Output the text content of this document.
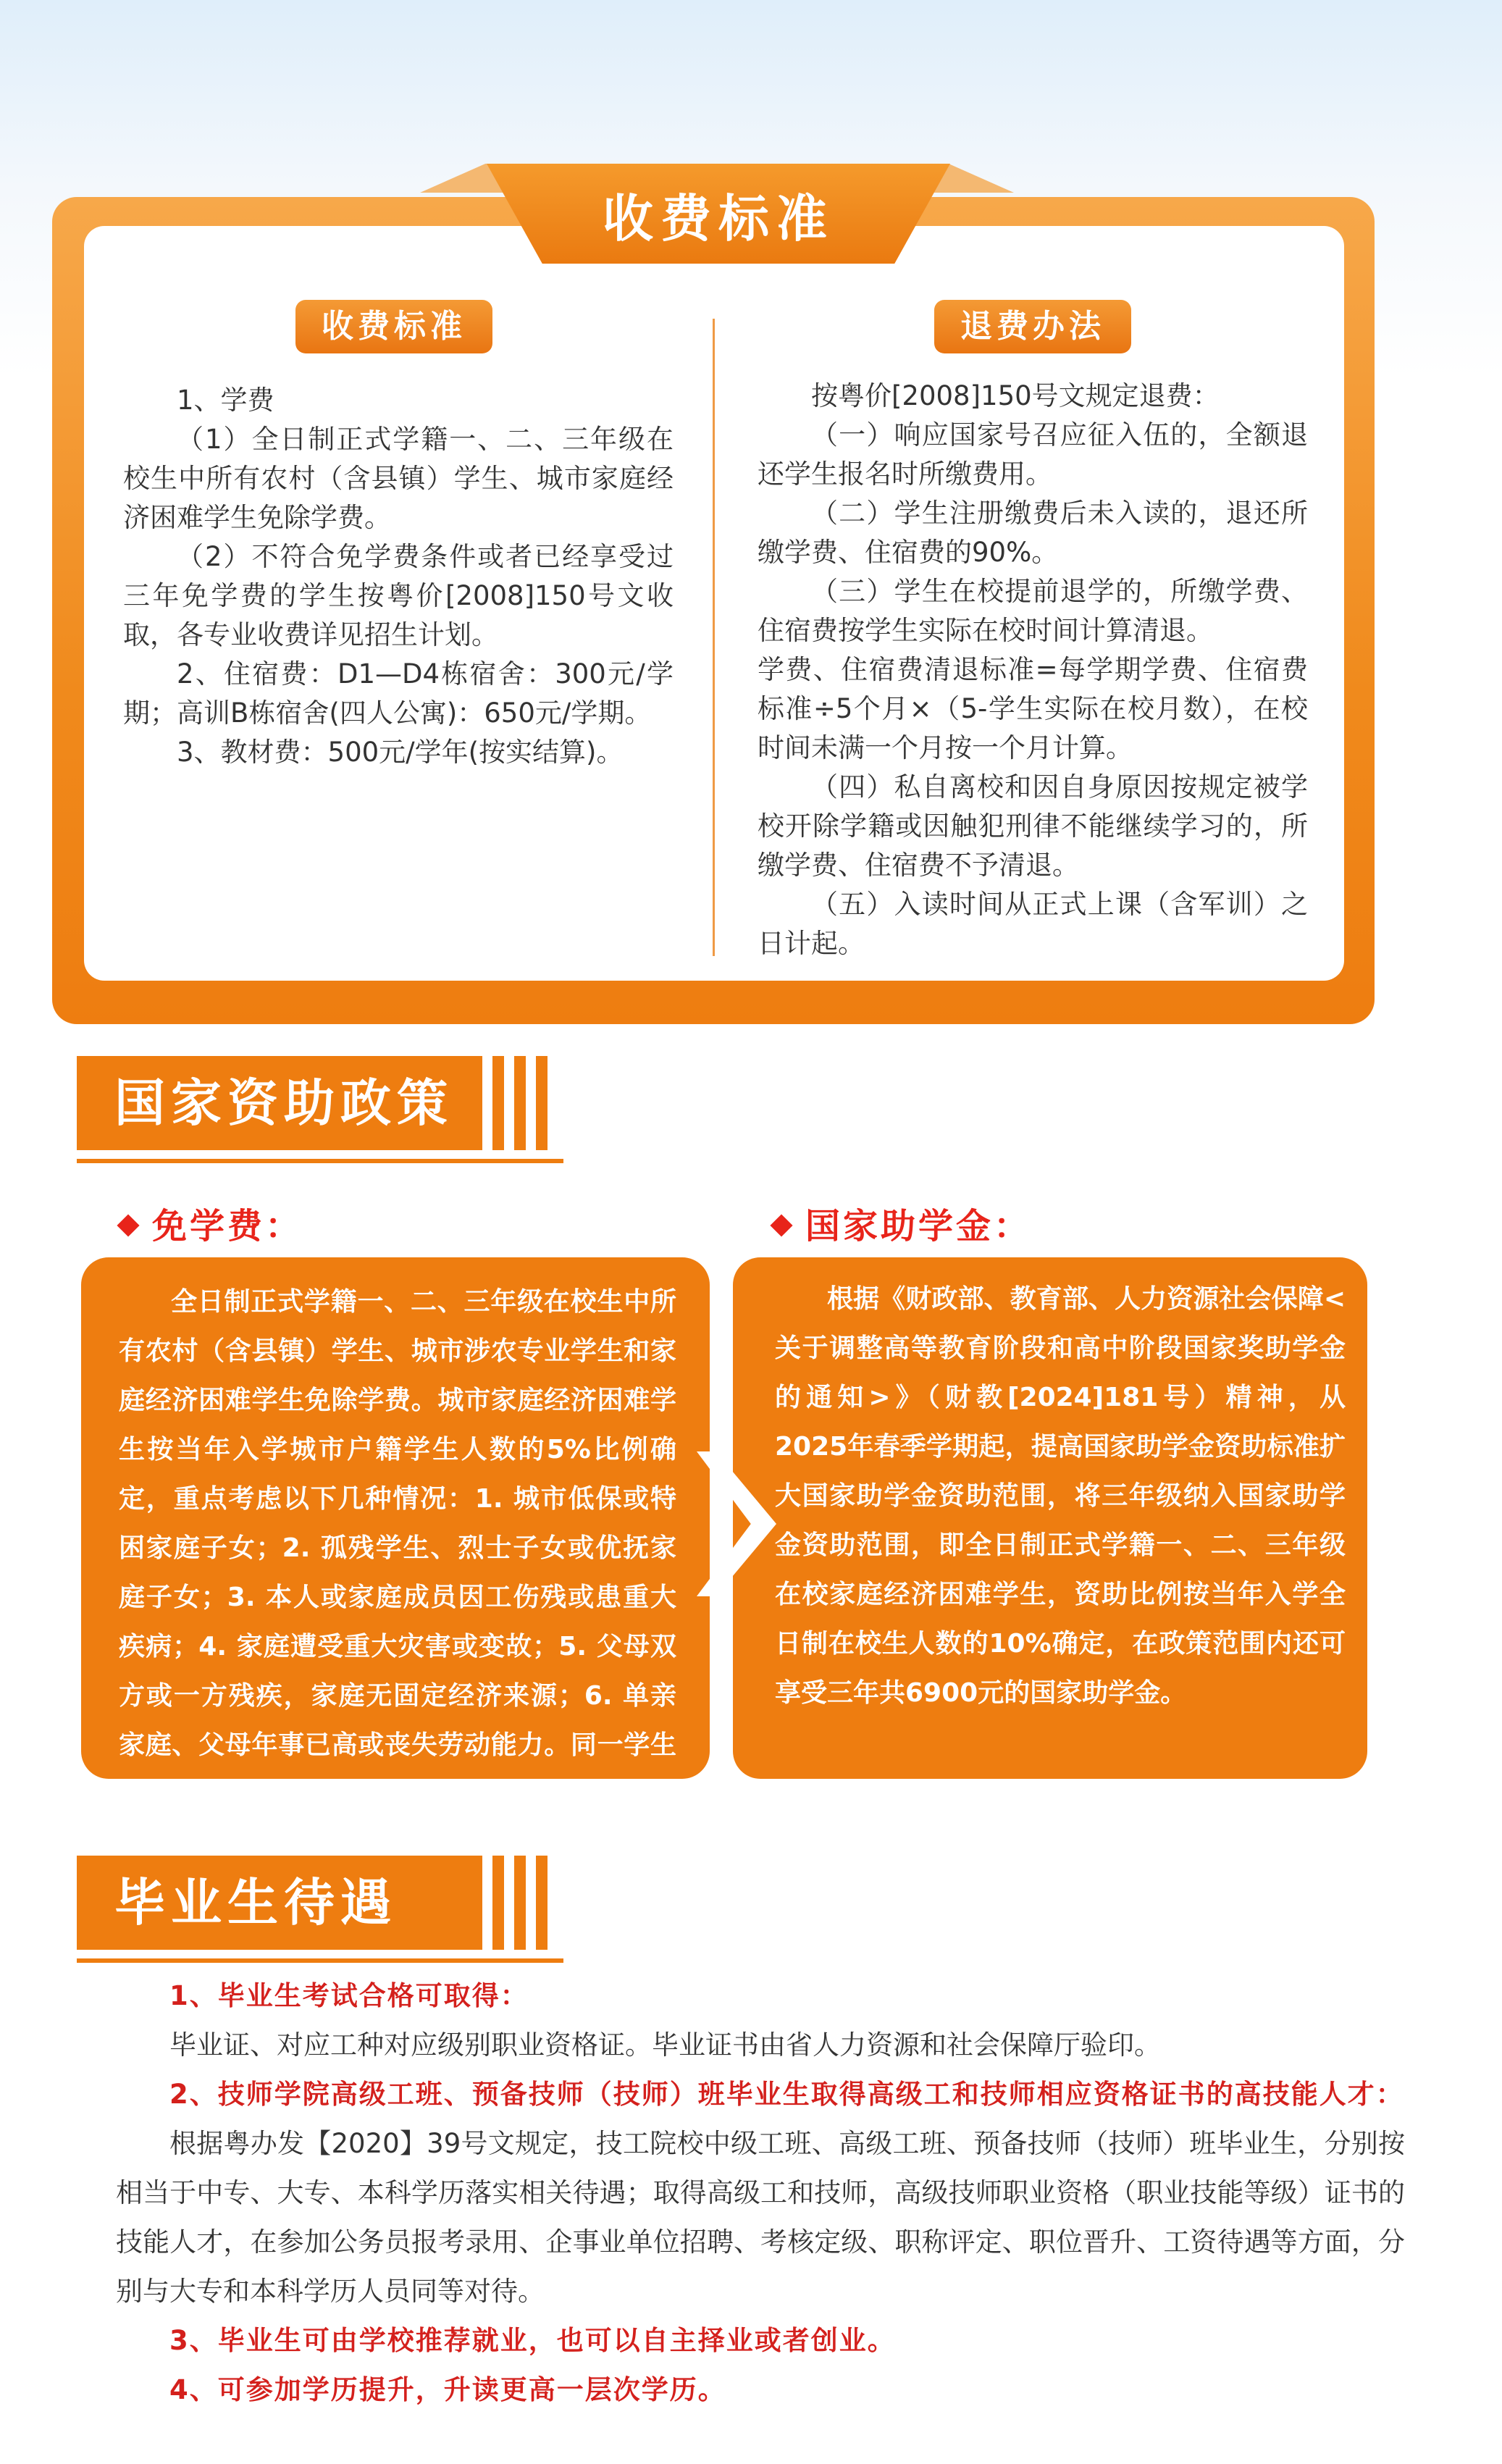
收费标准
收费标准	退费办法

1、学费

（1）全日制正式学籍一、二、三年级在校生中所有农村（含县镇）学生、城市家庭经济困难学生免除学费。

（2）不符合免学费条件或者已经享受过三年免学费的学生按粤价[2008]150号文收取，各专业收费详见招生计划。

2、住宿费：D1—D4栋宿舍：300元/学期；高训B栋宿舍(四人公寓)：650元/学期。

3、教材费：500元/学年(按实结算)。

按粤价[2008]150号文规定退费：

（一）响应国家号召应征入伍的，全额退还学生报名时所缴费用。

（二）学生注册缴费后未入读的，退还所缴学费、住宿费的90%。

（三）学生在校提前退学的，所缴学费、住宿费按学生实际在校时间计算清退。

学费、住宿费清退标准=每学期学费、住宿费标准÷5个月×（5-学生实际在校月数），在校时间未满一个月按一个月计算。

（四）私自离校和因自身原因按规定被学校开除学籍或因触犯刑律不能继续学习的，所缴学费、住宿费不予清退。

（五）入读时间从正式上课（含军训）之日计起。

国家资助政策
免学费：	国家助学金：

全日制正式学籍一、二、三年级在校生中所有农村（含县镇）学生、城市涉农专业学生和家庭经济困难学生免除学费。城市家庭经济困难学生按当年入学城市户籍学生人数的5%比例确定，重点考虑以下几种情况：1. 城市低保或特困家庭子女；2. 孤残学生、烈士子女或优抚家庭子女；3. 本人或家庭成员因工伤残或患重大疾病；4. 家庭遭受重大灾害或变故；5. 父母双方或一方残疾，家庭无固定经济来源；6. 单亲家庭、父母年事已高或丧失劳动能力。同一学生累计资助免学费不得超过三年。

根据《财政部、教育部、人力资源社会保障<关于调整高等教育阶段和高中阶段国家奖助学金的通知>》（财教[2024]181号）精神，从2025年春季学期起，提高国家助学金资助标准扩大国家助学金资助范围，将三年级纳入国家助学金资助范围，即全日制正式学籍一、二、三年级在校家庭经济困难学生，资助比例按当年入学全日制在校生人数的10%确定，在政策范围内还可享受三年共6900元的国家助学金。

毕业生待遇

1、毕业生考试合格可取得：

毕业证、对应工种对应级别职业资格证。毕业证书由省人力资源和社会保障厅验印。

2、技师学院高级工班、预备技师（技师）班毕业生取得高级工和技师相应资格证书的高技能人才：

根据粤办发【2020】39号文规定，技工院校中级工班、高级工班、预备技师（技师）班毕业生，分别按相当于中专、大专、本科学历落实相关待遇；取得高级工和技师，高级技师职业资格（职业技能等级）证书的技能人才，在参加公务员报考录用、企事业单位招聘、考核定级、职称评定、职位晋升、工资待遇等方面，分别与大专和本科学历人员同等对待。

3、毕业生可由学校推荐就业，也可以自主择业或者创业。

4、可参加学历提升，升读更高一层次学历。
